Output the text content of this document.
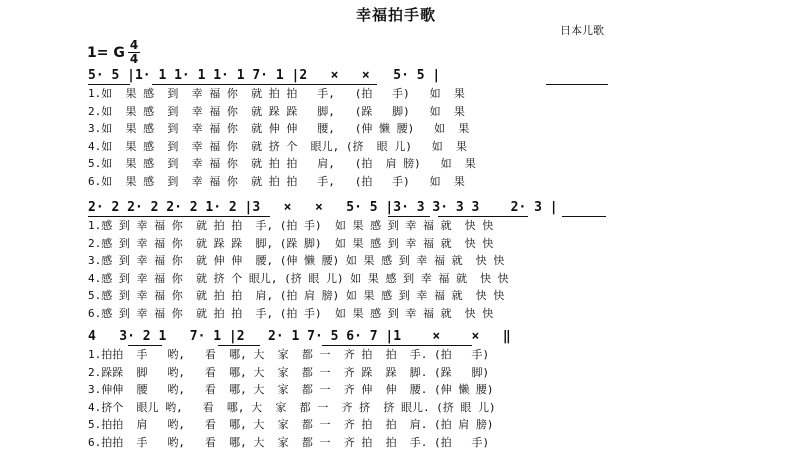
幸福拍手歌
日本儿歌
1= G 4
4
5· 5 |1· 1 1· 1 1· 1 7· 1 |2   ×   ×   5· 5 |
1.如  果 感  到  幸 福 你  就 拍 拍   手,   (拍   手)   如  果
2.如  果 感  到  幸 福 你  就 跺 跺   脚,   (跺   脚)   如  果
3.如  果 感  到  幸 福 你  就 伸 伸   腰,   (伸 懒 腰)   如  果
4.如  果 感  到  幸 福 你  就 挤 个  眼儿, (挤  眼 儿)   如  果
5.如  果 感  到  幸 福 你  就 拍 拍   肩,   (拍  肩 膀)   如  果
6.如  果 感  到  幸 福 你  就 拍 拍   手,   (拍   手)   如  果
2· 2 2· 2 2· 2 1· 2 |3   ×   ×   5· 5 |3· 3 3· 3 3    2· 3 |
1.感 到 幸 福 你  就 拍 拍  手, (拍 手)  如 果 感 到 幸 福 就  快 快
2.感 到 幸 福 你  就 跺 跺  脚, (跺 脚)  如 果 感 到 幸 福 就  快 快
3.感 到 幸 福 你  就 伸 伸  腰, (伸 懒 腰) 如 果 感 到 幸 福 就  快 快
4.感 到 幸 福 你  就 挤 个 眼儿, (挤 眼 儿) 如 果 感 到 幸 福 就  快 快
5.感 到 幸 福 你  就 拍 拍  肩, (拍 肩 膀) 如 果 感 到 幸 福 就  快 快
6.感 到 幸 福 你  就 拍 拍  手, (拍 手)  如 果 感 到 幸 福 就  快 快
4   3· 2 1   7· 1 |2   2· 1 7· 5 6· 7 |1    ×    ×   ‖
1.拍拍  手   哟,   看  哪, 大  家  都 一  齐 拍  拍  手. (拍   手)
2.跺跺  脚   哟,   看  哪, 大  家  都 一  齐 跺  跺  脚. (跺   脚)
3.伸伸  腰   哟,   看  哪, 大  家  都 一  齐 伸  伸  腰. (伸 懒 腰)
4.挤个  眼儿 哟,   看  哪, 大  家  都 一  齐 挤  挤 眼儿. (挤 眼 儿)
5.拍拍  肩   哟,   看  哪, 大  家  都 一  齐 拍  拍  肩. (拍 肩 膀)
6.拍拍  手   哟,   看  哪, 大  家  都 一  齐 拍  拍  手. (拍   手)
